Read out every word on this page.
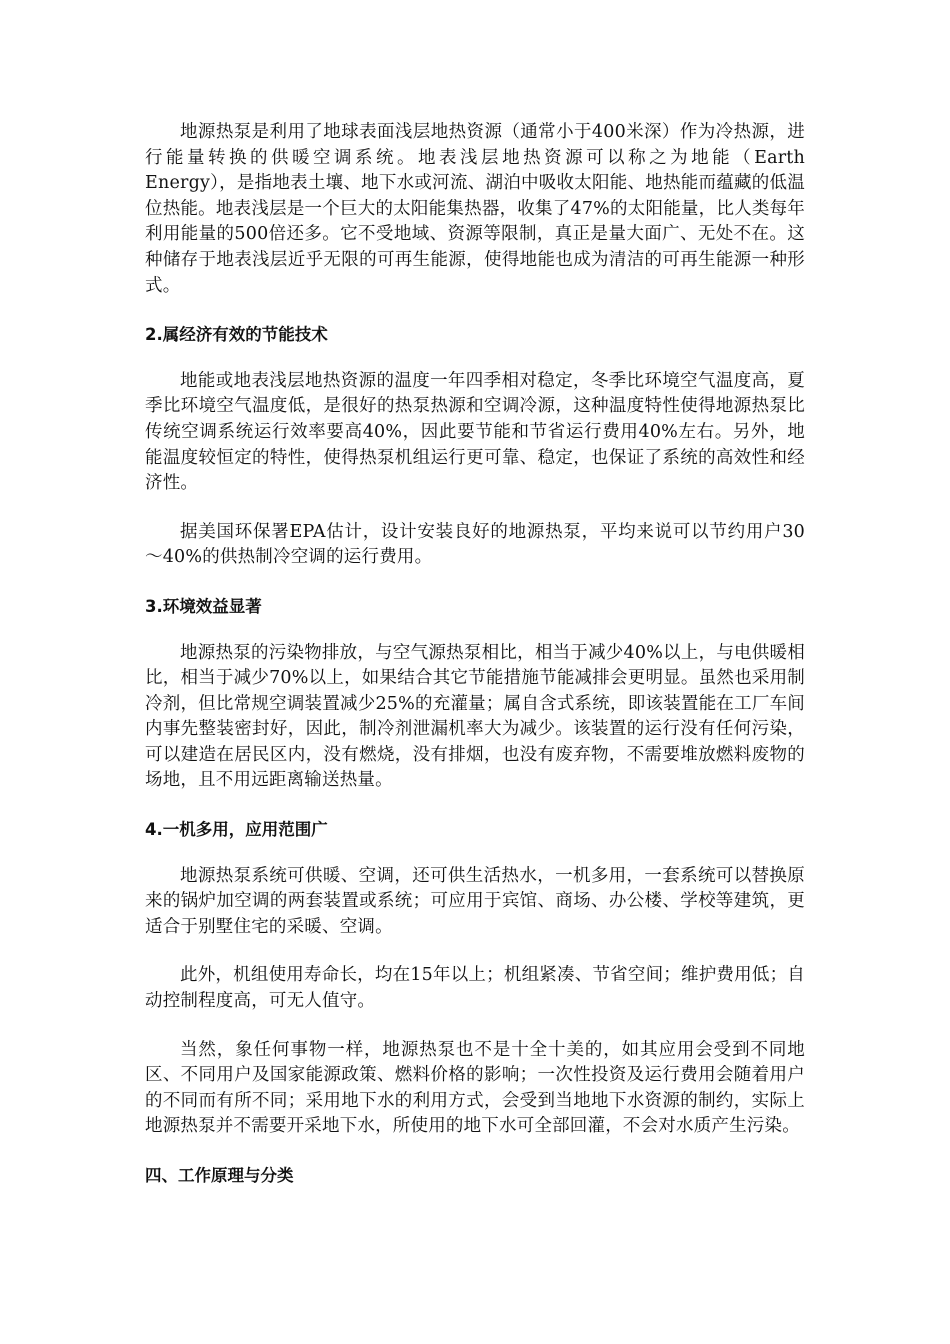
地源热泵是利用了地球表面浅层地热资源（通常小于400米深）作为冷热源，进行能量转换的供暖空调系统。地表浅层地热资源可以称之为地能（Earth Energy），是指地表土壤、地下水或河流、湖泊中吸收太阳能、地热能而蕴藏的低温位热能。地表浅层是一个巨大的太阳能集热器，收集了47%的太阳能量，比人类每年利用能量的500倍还多。它不受地域、资源等限制，真正是量大面广、无处不在。这种储存于地表浅层近乎无限的可再生能源，使得地能也成为清洁的可再生能源一种形式。

2.属经济有效的节能技术

地能或地表浅层地热资源的温度一年四季相对稳定，冬季比环境空气温度高，夏季比环境空气温度低，是很好的热泵热源和空调冷源，这种温度特性使得地源热泵比传统空调系统运行效率要高40%，因此要节能和节省运行费用40%左右。另外，地能温度较恒定的特性，使得热泵机组运行更可靠、稳定，也保证了系统的高效性和经济性。

据美国环保署EPA估计，设计安装良好的地源热泵，平均来说可以节约用户30～40%的供热制冷空调的运行费用。

3.环境效益显著

地源热泵的污染物排放，与空气源热泵相比，相当于减少40%以上，与电供暖相比，相当于减少70%以上，如果结合其它节能措施节能减排会更明显。虽然也采用制冷剂，但比常规空调装置减少25%的充灌量；属自含式系统，即该装置能在工厂车间内事先整装密封好，因此，制冷剂泄漏机率大为减少。该装置的运行没有任何污染，可以建造在居民区内，没有燃烧，没有排烟，也没有废弃物，不需要堆放燃料废物的场地，且不用远距离输送热量。

4.一机多用，应用范围广

地源热泵系统可供暖、空调，还可供生活热水，一机多用，一套系统可以替换原来的锅炉加空调的两套装置或系统；可应用于宾馆、商场、办公楼、学校等建筑，更适合于别墅住宅的采暖、空调。

此外，机组使用寿命长，均在15年以上；机组紧凑、节省空间；维护费用低；自动控制程度高，可无人值守。

当然，象任何事物一样，地源热泵也不是十全十美的，如其应用会受到不同地区、不同用户及国家能源政策、燃料价格的影响；一次性投资及运行费用会随着用户的不同而有所不同；采用地下水的利用方式，会受到当地地下水资源的制约，实际上地源热泵并不需要开采地下水，所使用的地下水可全部回灌，不会对水质产生污染。

四、工作原理与分类
